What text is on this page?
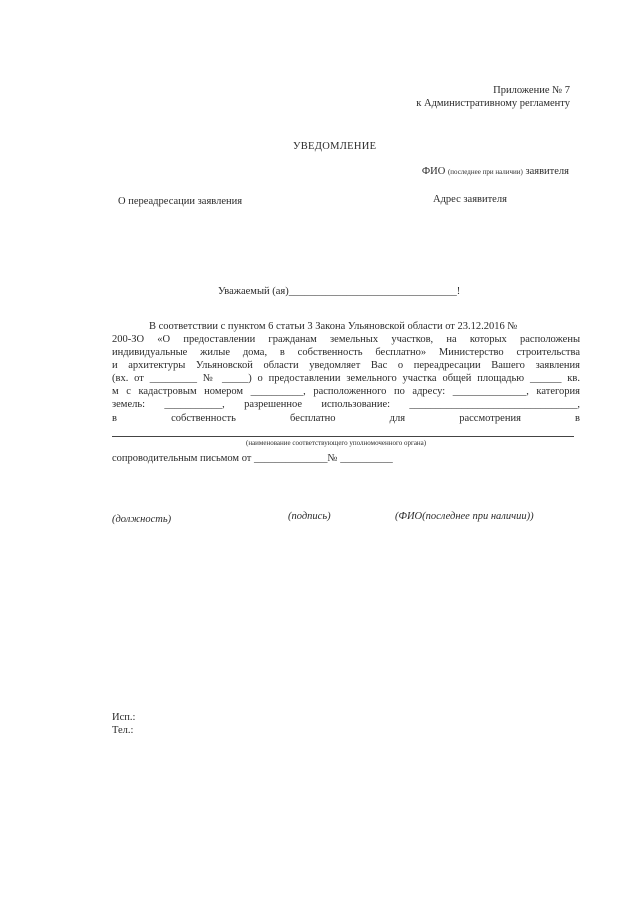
Приложение № 7
к Административному регламенту
УВЕДОМЛЕНИЕ
ФИО (последнее при наличии) заявителя
О переадресации заявления	Адрес заявителя
Уважаемый (ая)________________________________!
В соответствии с пунктом 6 статьи 3 Закона Ульяновской области от 23.12.2016 №
200-ЗО «О предоставлении гражданам земельных участков, на которых расположены
индивидуальные жилые дома, в собственность бесплатно» Министерство строительства
и архитектуры Ульяновской области уведомляет Вас о переадресации Вашего заявления
(вх. от _________ № _____) о предоставлении земельного участка общей площадью ______ кв.
м с кадастровым номером __________, расположенного по адресу: ______________, категория
земель: ___________, разрешенное использование: ________________________________,
в собственность бесплатно для рассмотрения в
(наименование соответствующего уполномоченного органа)
сопроводительным письмом от ______________№ __________
(должность)	(подпись)	(ФИО(последнее при наличии))
Исп.:
Тел.:
